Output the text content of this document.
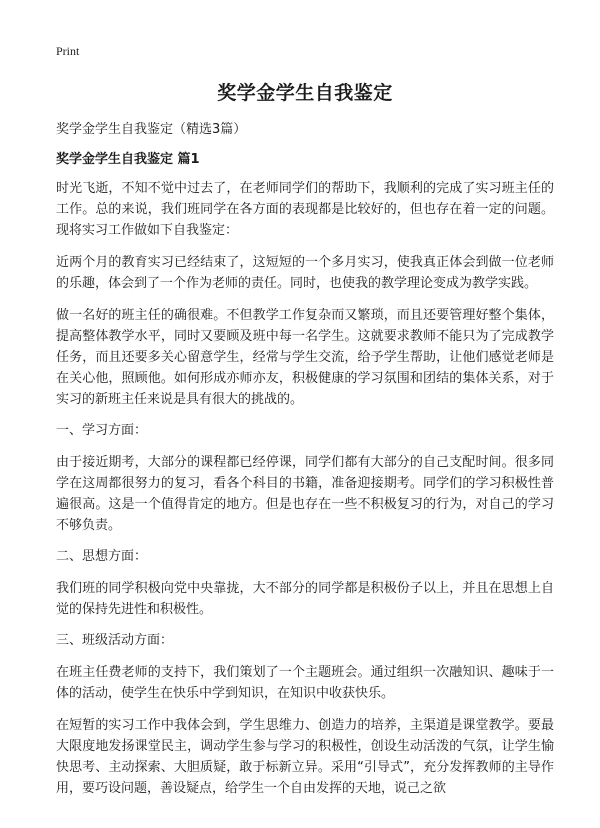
Print
奖学金学生自我鉴定
奖学金学生自我鉴定（精选3篇）
奖学金学生自我鉴定 篇1

时光飞逝，不知不觉中过去了，在老师同学们的帮助下，我顺利的完成了实习班主任的工作。总的来说，我们班同学在各方面的表现都是比较好的，但也存在着一定的问题。现将实习工作做如下自我鉴定：

近两个月的教育实习已经结束了，这短短的一个多月实习，使我真正体会到做一位老师的乐趣，体会到了一个作为老师的责任。同时，也使我的教学理论变成为教学实践。

做一名好的班主任的确很难。不但教学工作复杂而又繁琐，而且还要管理好整个集体，提高整体教学水平，同时又要顾及班中每一名学生。这就要求教师不能只为了完成教学任务，而且还要多关心留意学生，经常与学生交流，给予学生帮助，让他们感觉老师是在关心他，照顾他。如何形成亦师亦友，积极健康的学习氛围和团结的集体关系，对于实习的新班主任来说是具有很大的挑战的。

一、学习方面：

由于接近期考，大部分的课程都已经停课，同学们都有大部分的自己支配时间。很多同学在这周都很努力的复习，看各个科目的书籍，准备迎接期考。同学们的学习积极性普遍很高。这是一个值得肯定的地方。但是也存在一些不积极复习的行为，对自己的学习不够负责。

二、思想方面：

我们班的同学积极向党中央靠拢，大不部分的同学都是积极份子以上，并且在思想上自觉的保持先进性和积极性。

三、班级活动方面：

在班主任费老师的支持下，我们策划了一个主题班会。通过组织一次融知识、趣味于一体的活动，使学生在快乐中学到知识，在知识中收获快乐。

在短暂的实习工作中我体会到，学生思维力、创造力的培养，主渠道是课堂教学。要最大限度地发扬课堂民主，调动学生参与学习的积极性，创设生动活泼的气氛，让学生愉快思考、主动探索、大胆质疑，敢于标新立异。采用“引导式”，充分发挥教师的主导作用，要巧设问题，善设疑点，给学生一个自由发挥的天地，说己之欲
